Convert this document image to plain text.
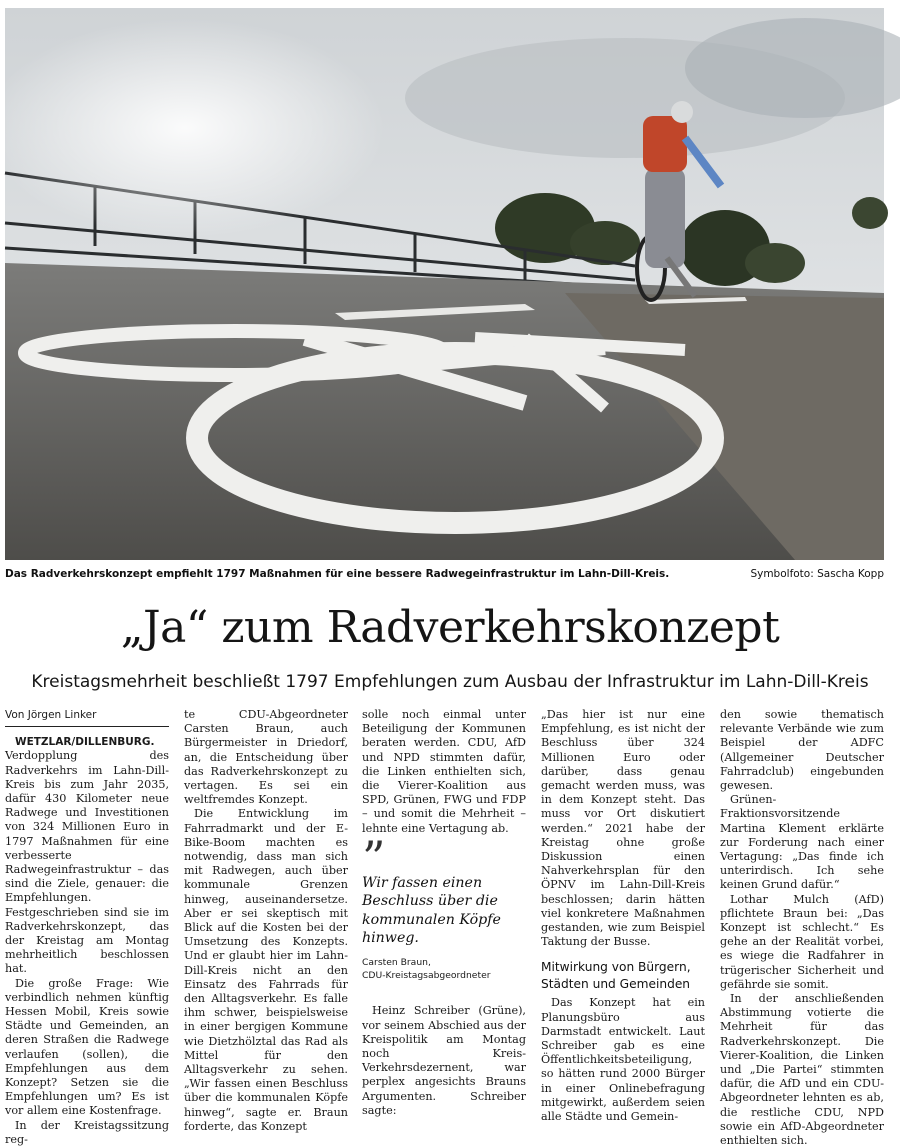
Das Radverkehrskonzept empfiehlt 1797 Maßnahmen für eine bessere Radwegeinfrastruktur im Lahn-Dill-Kreis.	Symbolfoto: Sascha Kopp
„Ja“ zum Radverkehrskonzept
Kreistagsmehrheit beschließt 1797 Empfehlungen zum Ausbau der Infrastruktur im Lahn-Dill-Kreis
Von Jörgen Linker

WETZLAR/DILLENBURG. Verdopplung des Radverkehrs im Lahn-Dill-Kreis bis zum Jahr 2035, dafür 430 Kilometer neue Radwege und Investitionen von 324 Millionen Euro in 1797 Maßnahmen für eine verbesserte Radwegeinfrastruktur – das sind die Ziele, genauer: die Empfehlungen. Festgeschrieben sind sie im Radverkehrskonzept, das der Kreistag am Montag mehrheitlich beschlossen hat.

Die große Frage: Wie verbindlich nehmen künftig Hessen Mobil, Kreis sowie Städte und Gemeinden, an deren Straßen die Radwege verlaufen (sollen), die Empfehlungen aus dem Konzept? Setzen sie die Empfehlungen um? Es ist vor allem eine Kostenfrage.

In der Kreistagssitzung reg-

te CDU-Abgeordneter Carsten Braun, auch Bürgermeister in Driedorf, an, die Entscheidung über das Radverkehrskonzept zu vertagen. Es sei ein weltfremdes Konzept.

Die Entwicklung im Fahrradmarkt und der E-Bike-Boom machten es notwendig, dass man sich mit Radwegen, auch über kommunale Grenzen hinweg, auseinandersetze. Aber er sei skeptisch mit Blick auf die Kosten bei der Umsetzung des Konzepts. Und er glaubt hier im Lahn-Dill-Kreis nicht an den Einsatz des Fahrrads für den Alltagsverkehr. Es falle ihm schwer, beispielsweise in einer bergigen Kommune wie Dietzhölztal das Rad als Mittel für den Alltagsverkehr zu sehen. „Wir fassen einen Beschluss über die kommunalen Köpfe hinweg“, sagte er. Braun forderte, das Konzept

solle noch einmal unter Beteiligung der Kommunen beraten werden. CDU, AfD und NPD stimmten dafür, die Linken enthielten sich, die Vierer-Koalition aus SPD, Grünen, FWG und FDP – und somit die Mehrheit – lehnte eine Vertagung ab.

”
Wir fassen einen Beschluss über die kommunalen Köpfe hinweg.
Carsten Braun,
CDU-Kreistagsabgeordneter

Heinz Schreiber (Grüne), vor seinem Abschied aus der Kreispolitik am Montag noch Kreis-Verkehrsdezernent, war perplex angesichts Brauns Argumenten. Schreiber sagte:

„Das hier ist nur eine Empfehlung, es ist nicht der Beschluss über 324 Millionen Euro oder darüber, dass genau gemacht werden muss, was in dem Konzept steht. Das muss vor Ort diskutiert werden.“ 2021 habe der Kreistag ohne große Diskussion einen Nahverkehrsplan für den ÖPNV im Lahn-Dill-Kreis beschlossen; darin hätten viel konkretere Maßnahmen gestanden, wie zum Beispiel Taktung der Busse.

Mitwirkung von Bürgern, Städten und Gemeinden

Das Konzept hat ein Planungsbüro aus Darmstadt entwickelt. Laut Schreiber gab es eine Öffentlichkeitsbeteiligung, so hätten rund 2000 Bürger in einer Onlinebefragung mitgewirkt, außerdem seien alle Städte und Gemein-

den sowie thematisch relevante Verbände wie zum Beispiel der ADFC (Allgemeiner Deutscher Fahrradclub) eingebunden gewesen.

Grünen-Fraktionsvorsitzende Martina Klement erklärte zur Forderung nach einer Vertagung: „Das finde ich unterirdisch. Ich sehe keinen Grund dafür.“

Lothar Mulch (AfD) pflichtete Braun bei: „Das Konzept ist schlecht.“ Es gehe an der Realität vorbei, es wiege die Radfahrer in trügerischer Sicherheit und gefährde sie somit.

In der anschließenden Abstimmung votierte die Mehrheit für das Radverkehrskonzept. Die Vierer-Koalition, die Linken und „Die Partei“ stimmten dafür, die AfD und ein CDU-Abgeordneter lehnten es ab, die restliche CDU, NPD sowie ein AfD-Abgeordneter enthielten sich.
